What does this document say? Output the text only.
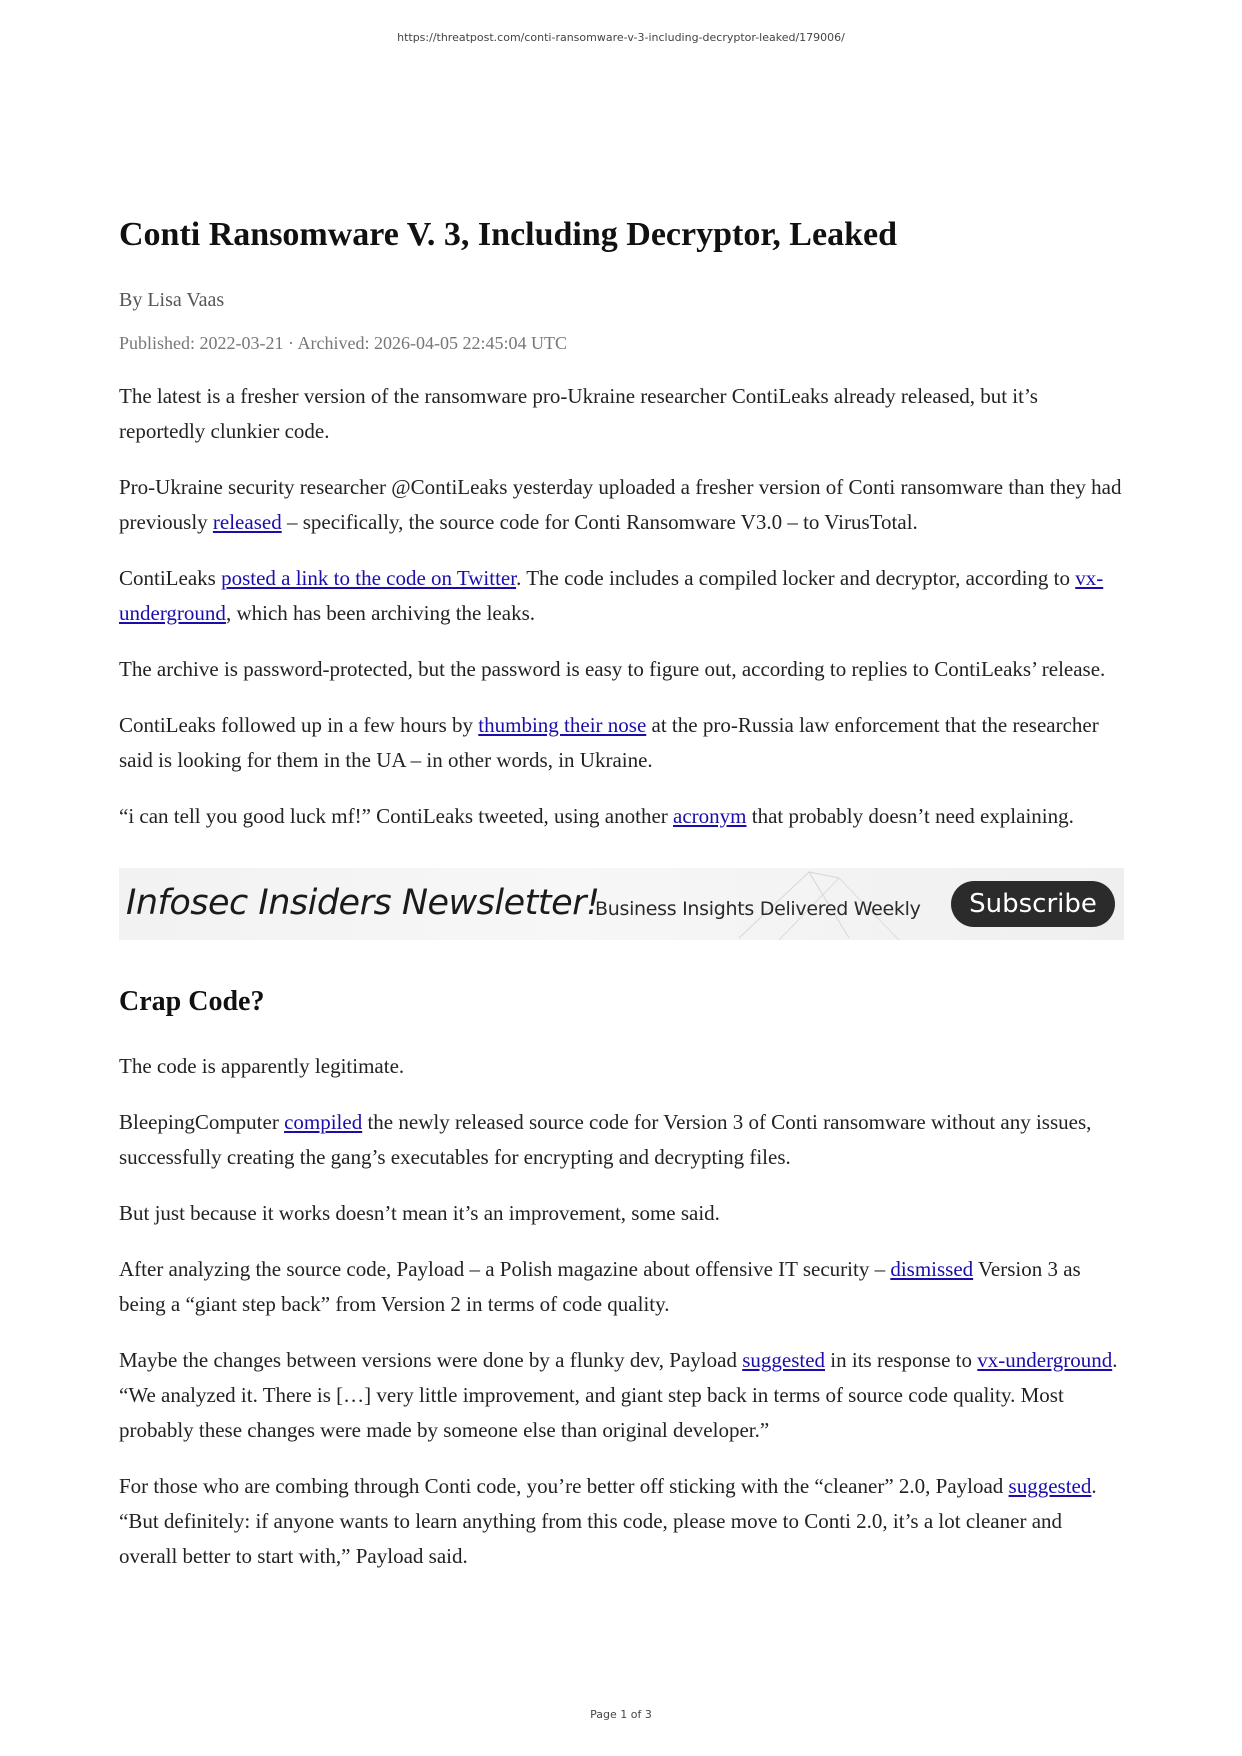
https://threatpost.com/conti-ransomware-v-3-including-decryptor-leaked/179006/
Conti Ransomware V. 3, Including Decryptor, Leaked
By Lisa Vaas
Published: 2022-03-21 · Archived: 2026-04-05 22:45:04 UTC

The latest is a fresher version of the ransomware pro-Ukraine researcher ContiLeaks already released, but it’s reportedly clunkier code.

Pro-Ukraine security researcher @ContiLeaks yesterday uploaded a fresher version of Conti ransomware than they had previously released – specifically, the source code for Conti Ransomware V3.0 – to VirusTotal.

ContiLeaks posted a link to the code on Twitter. The code includes a compiled locker and decryptor, according to vx-underground, which has been archiving the leaks.

The archive is password-protected, but the password is easy to figure out, according to replies to ContiLeaks’ release.

ContiLeaks followed up in a few hours by thumbing their nose at the pro-Russia law enforcement that the researcher said is looking for them in the UA – in other words, in Ukraine.

“i can tell you good luck mf!” ContiLeaks tweeted, using another acronym that probably doesn’t need explaining.

Infosec Insiders Newsletter!
Business Insights Delivered Weekly	Subscribe
Crap Code?

The code is apparently legitimate.

BleepingComputer compiled the newly released source code for Version 3 of Conti ransomware without any issues, successfully creating the gang’s executables for encrypting and decrypting files.

But just because it works doesn’t mean it’s an improvement, some said.

After analyzing the source code, Payload – a Polish magazine about offensive IT security – dismissed Version 3 as being a “giant step back” from Version 2 in terms of code quality.

Maybe the changes between versions were done by a flunky dev, Payload suggested in its response to vx-underground. “We analyzed it. There is […] very little improvement, and giant step back in terms of source code quality. Most probably these changes were made by someone else than original developer.”

For those who are combing through Conti code, you’re better off sticking with the “cleaner” 2.0, Payload suggested. “But definitely: if anyone wants to learn anything from this code, please move to Conti 2.0, it’s a lot cleaner and overall better to start with,” Payload said.

Page 1 of 3
